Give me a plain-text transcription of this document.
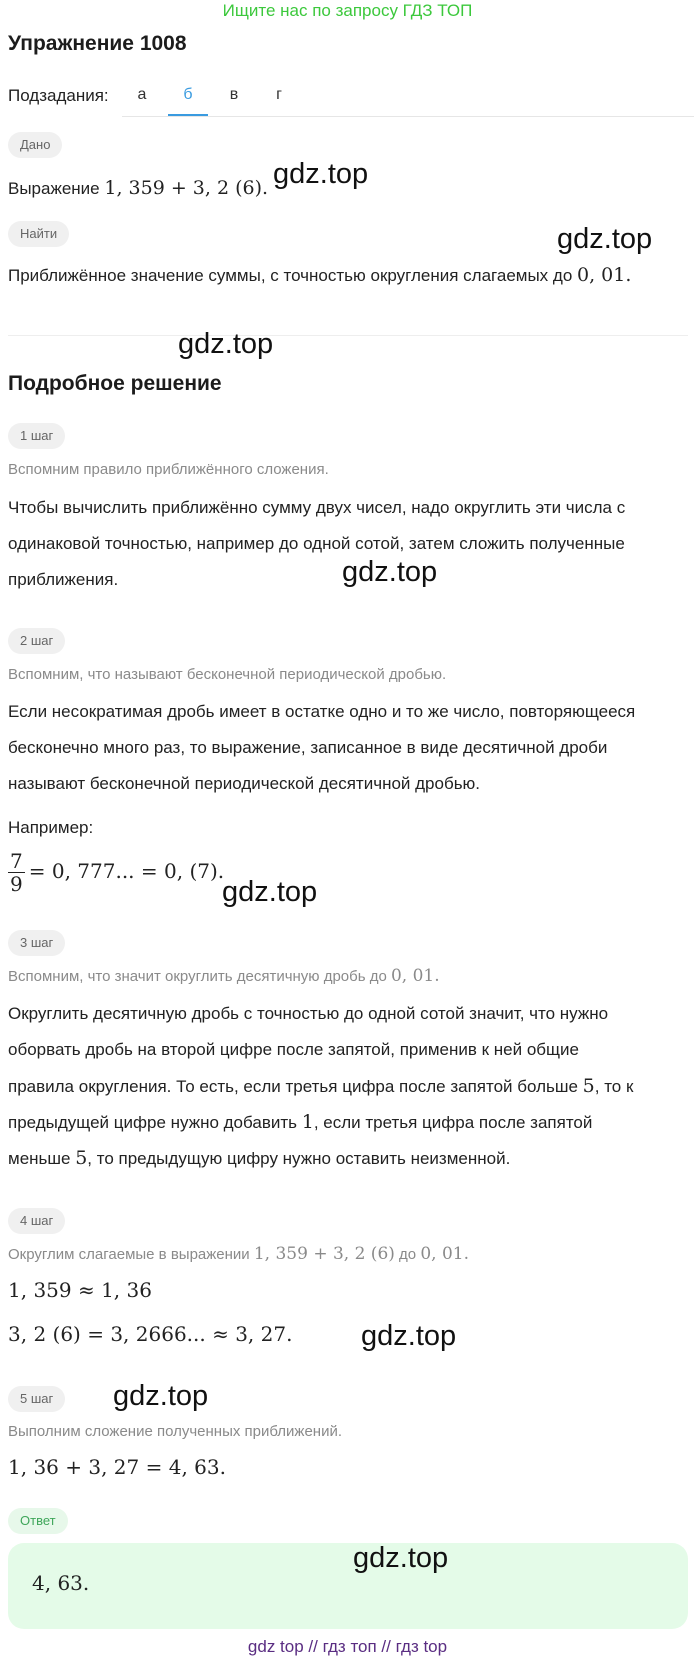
Ищите нас по запросу ГДЗ ТОП
Упражнение 1008
Подзадания:	а	б	в	г
Дано
Выражение 1, 359 + 3, 2 (6).
Найти
Приближённое значение суммы, с точностью округления слагаемых до 0, 01.
Подробное решение
1 шаг
Вспомним правило приближённого сложения.
Чтобы вычислить приближённо сумму двух чисел, надо округлить эти числа с
одинаковой точностью, например до одной сотой, затем сложить полученные
приближения.
2 шаг
Вспомним, что называют бесконечной периодической дробью.
Если несократимая дробь имеет в остатке одно и то же число, повторяющееся
бесконечно много раз, то выражение, записанное в виде десятичной дроби
называют бесконечной периодической десятичной дробью.
Например:
$\frac{7}{9} = 0$, 777... = 0, (7).
3 шаг
Вспомним, что значит округлить десятичную дробь до 0, 01.
Округлить десятичную дробь с точностью до одной сотой значит, что нужно
оборвать дробь на второй цифре после запятой, применив к ней общие
правила округления. То есть, если третья цифра после запятой больше 5, то к
предыдущей цифре нужно добавить 1, если третья цифра после запятой
меньше 5, то предыдущую цифру нужно оставить неизменной.
4 шаг
Округлим слагаемые в выражении 1, 359 + 3, 2 (6) до 0, 01.
1, 359 ≈ 1, 36
3, 2 (6) = 3, 2666... ≈ 3, 27.
5 шаг
Выполним сложение полученных приближений.
1, 36 + 3, 27 = 4, 63.
Ответ
4, 63.
gdz.top
gdz.top
gdz.top
gdz.top
gdz.top
gdz.top
gdz.top
gdz.top
gdz top // гдз топ // гдз top
